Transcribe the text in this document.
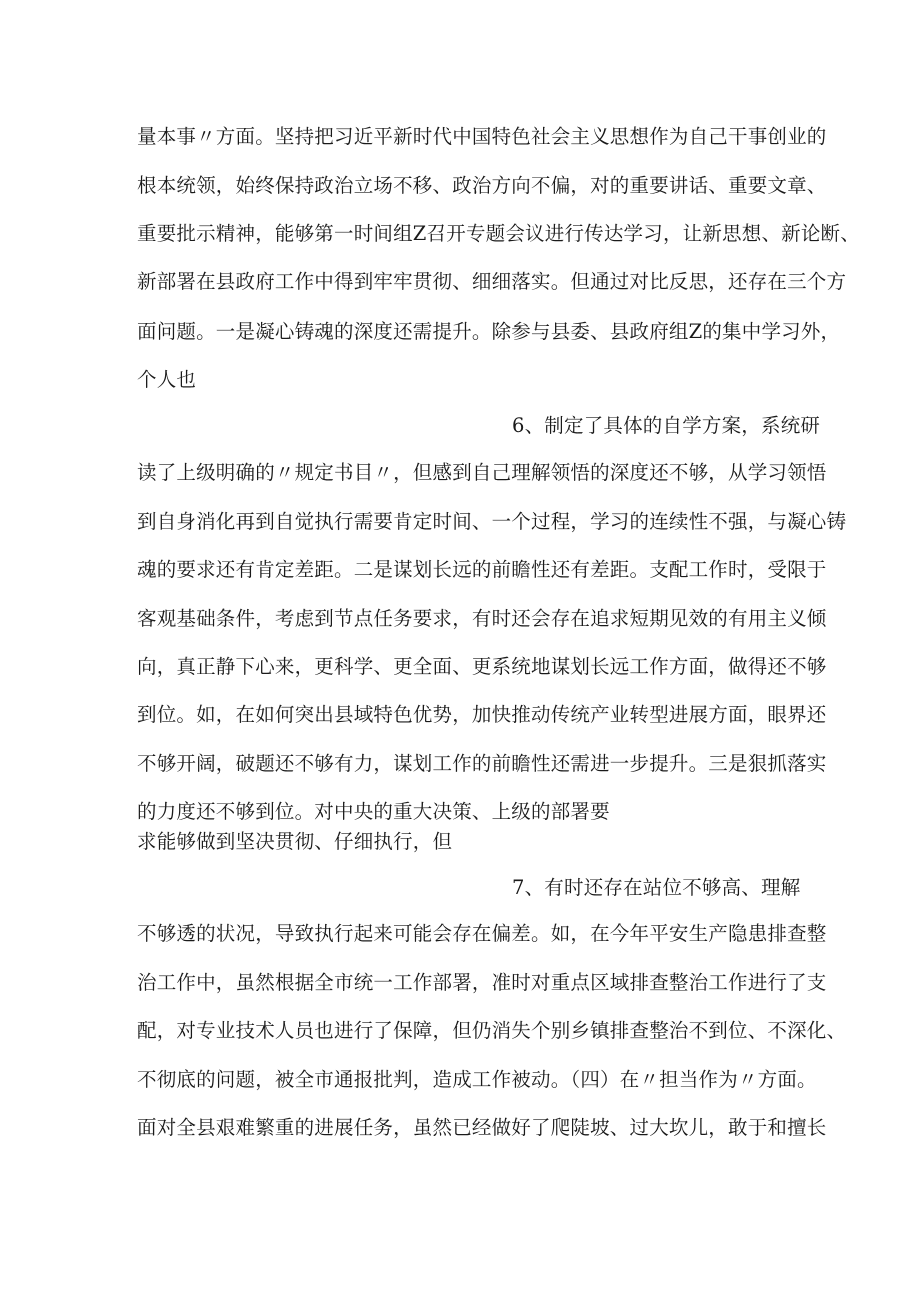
量本事〃方面。坚持把习近平新时代中国特色社会主义思想作为自己干事创业的
根本统领，始终保持政治立场不移、政治方向不偏，对的重要讲话、重要文章、
重要批示精神，能够第一时间组Z召开专题会议进行传达学习，让新思想、新论断、
新部署在县政府工作中得到牢牢贯彻、细细落实。但通过对比反思，还存在三个方
面问题。一是凝心铸魂的深度还需提升。除参与县委、县政府组Z的集中学习外，
个人也
6、制定了具体的自学方案，系统研
读了上级明确的〃规定书目〃，但感到自己理解领悟的深度还不够，从学习领悟
到自身消化再到自觉执行需要肯定时间、一个过程，学习的连续性不强，与凝心铸
魂的要求还有肯定差距。二是谋划长远的前瞻性还有差距。支配工作时，受限于
客观基础条件，考虑到节点任务要求，有时还会存在追求短期见效的有用主义倾
向，真正静下心来，更科学、更全面、更系统地谋划长远工作方面，做得还不够
到位。如，在如何突出县域特色优势，加快推动传统产业转型进展方面，眼界还
不够开阔，破题还不够有力，谋划工作的前瞻性还需进一步提升。三是狠抓落实
的力度还不够到位。对中央的重大决策、上级的部署要
求能够做到坚决贯彻、仔细执行，但
7、有时还存在站位不够高、理解
不够透的状况，导致执行起来可能会存在偏差。如，在今年平安生产隐患排查整
治工作中，虽然根据全市统一工作部署，准时对重点区域排查整治工作进行了支
配，对专业技术人员也进行了保障，但仍消失个别乡镇排查整治不到位、不深化、
不彻底的问题，被全市通报批判，造成工作被动。（四）在〃担当作为〃方面。
面对全县艰难繁重的进展任务，虽然已经做好了爬陡坡、过大坎儿，敢于和擅长
